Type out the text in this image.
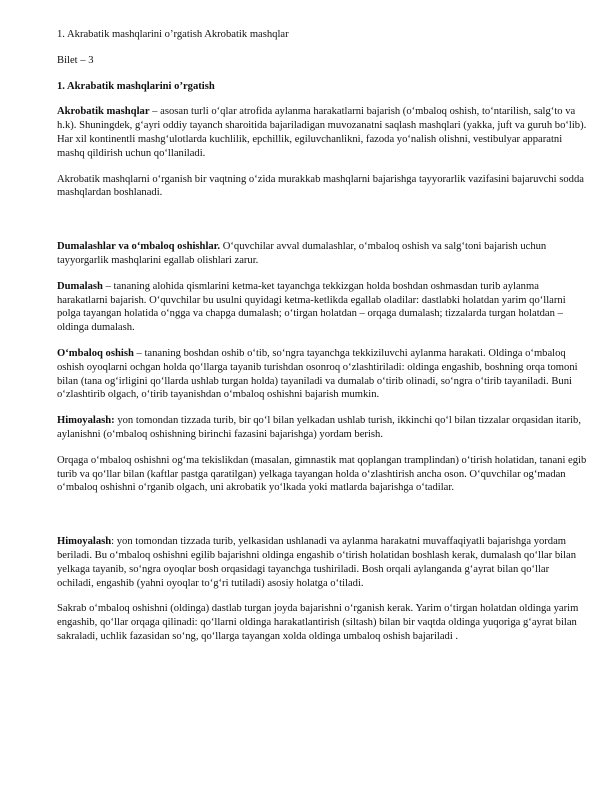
1. Akrabatik mashqlarini o’rgatish Akrobatik mashqlar

Bilet – 3

1. Akrabatik mashqlarini o’rgatish

Akrobatik mashqlar – asosan turli o‘qlar atrofida aylanma harakatlarni bajarish (o‘mbaloq oshish, to‘ntarilish, salg‘to va h.k). Shuningdek, g‘ayri oddiy tayanch sharoitida bajariladigan muvozanatni saqlash mashqlari (yakka, juft va guruh bo‘lib). Har xil kontinentli mashg‘ulotlarda kuchlilik, epchillik, egiluvchanlikni, fazoda yo‘nalish olishni, vestibulyar apparatni mashq qildirish uchun qo‘llaniladi.

Akrobatik mashqlarni o‘rganish bir vaqtning o‘zida murakkab mashqlarni bajarishga tayyorarlik vazifasini bajaruvchi sodda mashqlardan boshlanadi.

Dumalashlar va o‘mbaloq oshishlar. O‘quvchilar avval dumalashlar, o‘mbaloq oshish va salg‘toni bajarish uchun tayyorgarlik mashqlarini egallab olishlari zarur.

Dumalash – tananing alohida qismlarini ketma-ket tayanchga tekkizgan holda boshdan oshmasdan turib aylanma harakatlarni bajarish. O‘quvchilar bu usulni quyidagi ketma-ketlikda egallab oladilar: dastlabki holatdan yarim qo‘llarni polga tayangan holatida o‘ngga va chapga dumalash; o‘tirgan holatdan – orqaga dumalash; tizzalarda turgan holatdan – oldinga dumalash.

O‘mbaloq oshish – tananing boshdan oshib o‘tib, so‘ngra tayanchga tekkiziluvchi aylanma harakati. Oldinga o‘mbaloq oshish oyoqlarni ochgan holda qo‘llarga tayanib turishdan osonroq o‘zlashtiriladi: oldinga engashib, boshning orqa tomoni bilan (tana og‘irligini qo‘llarda ushlab turgan holda) tayaniladi va dumalab o‘tirib olinadi, so‘ngra o‘tirib tayaniladi. Buni o‘zlashtirib olgach, o‘tirib tayanishdan o‘mbaloq oshishni bajarish mumkin.

Himoyalash: yon tomondan tizzada turib, bir qo‘l bilan yelkadan ushlab turish, ikkinchi qo‘l bilan tizzalar orqasidan itarib, aylanishni (o‘mbaloq oshishning birinchi fazasini bajarishga) yordam berish.

Orqaga o‘mbaloq oshishni og‘ma tekislikdan (masalan, gimnastik mat qoplangan tramplindan) o‘tirish holatidan, tanani egib turib va qo‘llar bilan (kaftlar pastga qaratilgan) yelkaga tayangan holda o‘zlashtirish ancha oson. O‘quvchilar og‘madan o‘mbaloq oshishni o‘rganib olgach, uni akrobatik yo‘lkada yoki matlarda bajarishga o‘tadilar.

Himoyalash: yon tomondan tizzada turib, yelkasidan ushlanadi va aylanma harakatni muvaffaqiyatli bajarishga yordam beriladi. Bu o‘mbaloq oshishni egilib bajarishni oldinga engashib o‘tirish holatidan boshlash kerak, dumalash qo‘llar bilan yelkaga tayanib, so‘ngra oyoqlar bosh orqasidagi tayanchga tushiriladi. Bosh orqali aylanganda g‘ayrat bilan qo‘llar ochiladi, engashib (yahni oyoqlar to‘g‘ri tutiladi) asosiy holatga o‘tiladi.

Sakrab o‘mbaloq oshishni (oldinga) dastlab turgan joyda bajarishni o‘rganish kerak. Yarim o‘tirgan holatdan oldinga yarim engashib, qo‘llar orqaga qilinadi: qo‘llarni oldinga harakatlantirish (siltash) bilan bir vaqtda oldinga yuqoriga g‘ayrat bilan sakraladi, uchlik fazasidan so‘ng, qo‘llarga tayangan xolda oldinga umbaloq oshish bajariladi .
